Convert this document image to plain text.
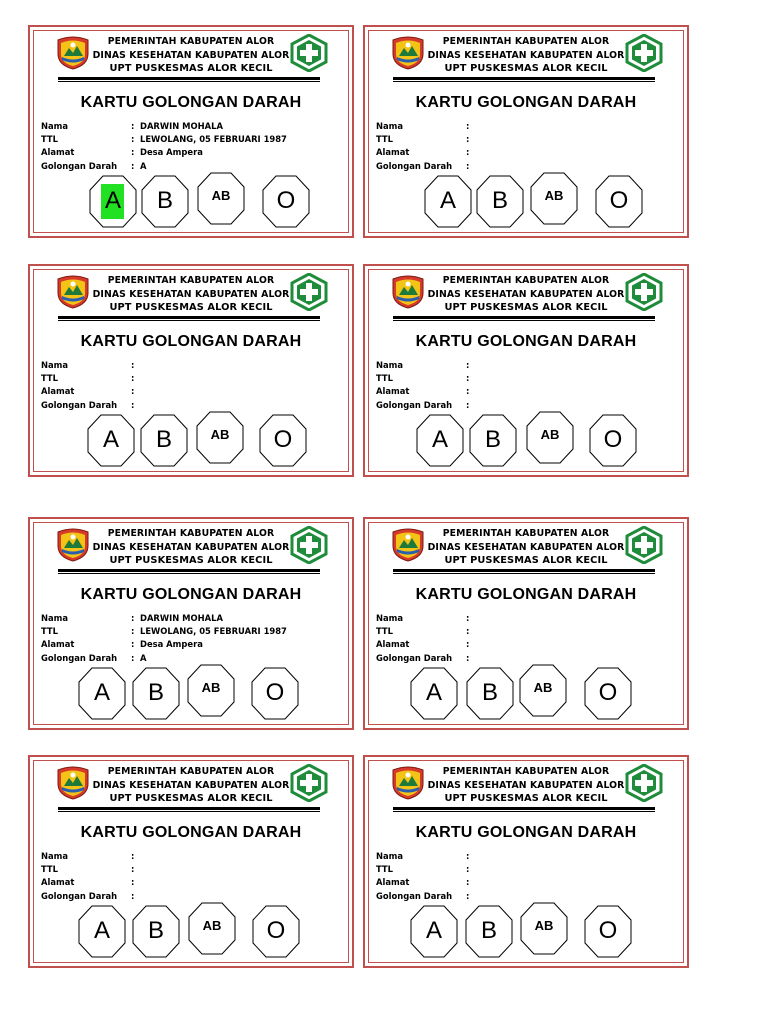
PEMERINTAH KABUPATEN ALOR
DINAS KESEHATAN KABUPATEN ALOR
UPT PUSKESMAS ALOR KECIL
KARTU GOLONGAN DARAH
Nama	: DARWIN MOHALA
TTL	: LEWOLANG, 05 FEBRUARI 1987
Alamat	: Desa Ampera
Golongan Darah : A
A	B	AB	O
PEMERINTAH KABUPATEN ALOR
DINAS KESEHATAN KABUPATEN ALOR
UPT PUSKESMAS ALOR KECIL
KARTU GOLONGAN DARAH
Nama	:
TTL	:
Alamat	:
Golongan Darah :
A	B	AB	O
PEMERINTAH KABUPATEN ALOR
DINAS KESEHATAN KABUPATEN ALOR
UPT PUSKESMAS ALOR KECIL
KARTU GOLONGAN DARAH
Nama	:
TTL	:
Alamat	:
Golongan Darah :
A	B	AB	O
PEMERINTAH KABUPATEN ALOR
DINAS KESEHATAN KABUPATEN ALOR
UPT PUSKESMAS ALOR KECIL
KARTU GOLONGAN DARAH
Nama	:
TTL	:
Alamat	:
Golongan Darah :
A	B	AB	O
PEMERINTAH KABUPATEN ALOR
DINAS KESEHATAN KABUPATEN ALOR
UPT PUSKESMAS ALOR KECIL
KARTU GOLONGAN DARAH
Nama	: DARWIN MOHALA
TTL	: LEWOLANG, 05 FEBRUARI 1987
Alamat	: Desa Ampera
Golongan Darah : A
A	B	AB	O
PEMERINTAH KABUPATEN ALOR
DINAS KESEHATAN KABUPATEN ALOR
UPT PUSKESMAS ALOR KECIL
KARTU GOLONGAN DARAH
Nama	:
TTL	:
Alamat	:
Golongan Darah :
A	B	AB	O
PEMERINTAH KABUPATEN ALOR
DINAS KESEHATAN KABUPATEN ALOR
UPT PUSKESMAS ALOR KECIL
KARTU GOLONGAN DARAH
Nama	:
TTL	:
Alamat	:
Golongan Darah :
A	B	AB	O
PEMERINTAH KABUPATEN ALOR
DINAS KESEHATAN KABUPATEN ALOR
UPT PUSKESMAS ALOR KECIL
KARTU GOLONGAN DARAH
Nama	:
TTL	:
Alamat	:
Golongan Darah :
A	B	AB	O
